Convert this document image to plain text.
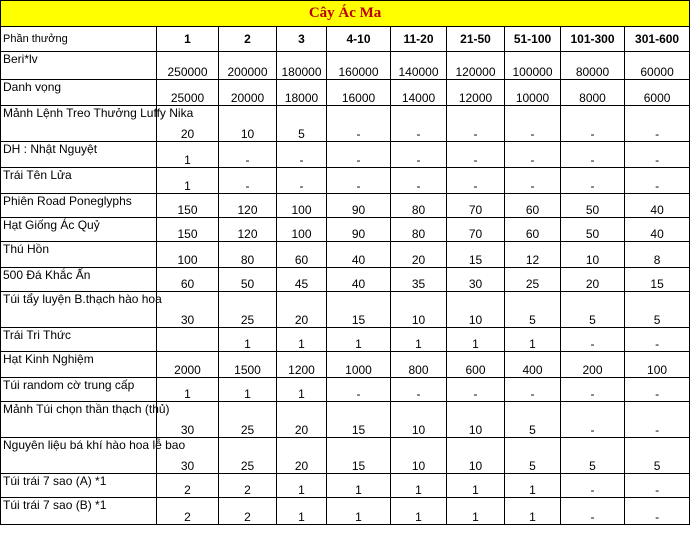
Cây Ác Ma									
Phần thưởng	1	2	3	4-10	11-20	21-50	51-100	101-300	301-600
Beri*lv	250000	200000	180000	160000	140000	120000	100000	80000	60000
Danh vọng	25000	20000	18000	16000	14000	12000	10000	8000	6000
Mảnh Lệnh Treo Thưởng Luffy Nika	20	10	5	-	-	-	-	-	-
DH : Nhật Nguyệt	1	-	-	-	-	-	-	-	-
Trái Tên Lửa	1	-	-	-	-	-	-	-	-
Phiên Road Poneglyphs	150	120	100	90	80	70	60	50	40
Hạt Giống Ác Quỷ	150	120	100	90	80	70	60	50	40
Thú Hồn	100	80	60	40	20	15	12	10	8
500 Đá Khắc Ấn	60	50	45	40	35	30	25	20	15
Túi tẩy luyện B.thạch hào hoa	30	25	20	15	10	10	5	5	5
Trái Tri Thức		1	1	1	1	1	1	-	-
Hạt Kinh Nghiệm	2000	1500	1200	1000	800	600	400	200	100
Túi random cờ trung cấp	1	1	1	-	-	-	-	-	-
Mảnh Túi chọn thần thạch (thủ)	30	25	20	15	10	10	5	-	-
Nguyên liệu bá khí hào hoa lễ bao	30	25	20	15	10	10	5	5	5
Túi trái 7 sao (A) *1	2	2	1	1	1	1	1	-	-
Túi trái 7 sao (B) *1	2	2	1	1	1	1	1	-	-
